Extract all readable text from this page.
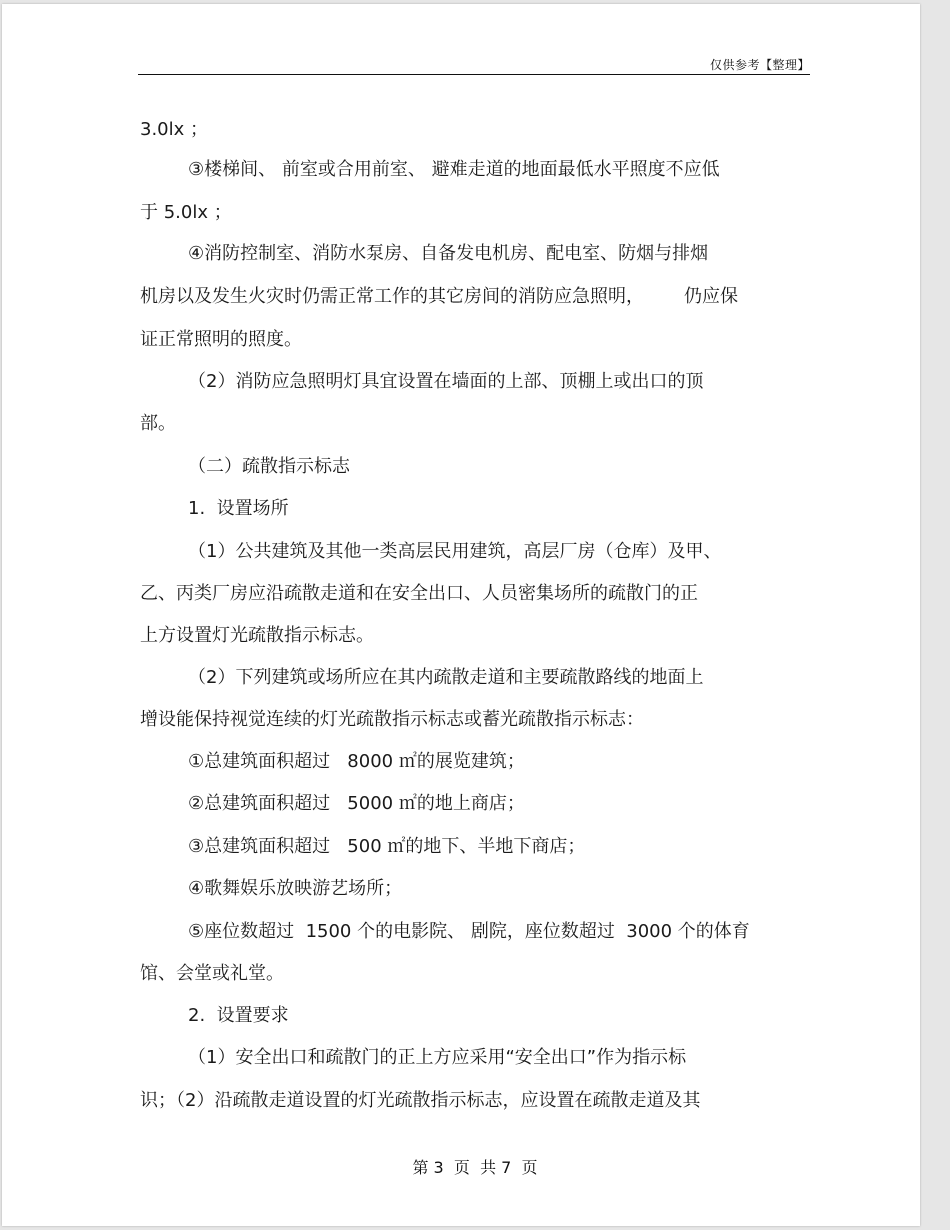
仅供参考【整理】
3.0lx ；
③楼梯间、 前室或合用前室、 避难走道的地面最低水平照度不应低
于 5.0lx ；
④消防控制室、消防水泵房、自备发电机房、配电室、防烟与排烟
机房以及发生火灾时仍需正常工作的其它房间的消防应急照明，       仍应保
证正常照明的照度。
（2）消防应急照明灯具宜设置在墙面的上部、顶棚上或出口的顶
部。
（二）疏散指示标志
1.  设置场所
（1）公共建筑及其他一类高层民用建筑，高层厂房（仓库）及甲、
乙、丙类厂房应沿疏散走道和在安全出口、人员密集场所的疏散门的正
上方设置灯光疏散指示标志。
（2）下列建筑或场所应在其内疏散走道和主要疏散路线的地面上
增设能保持视觉连续的灯光疏散指示标志或蓄光疏散指示标志：
①总建筑面积超过   8000 ㎡的展览建筑；
②总建筑面积超过   5000 ㎡的地上商店；
③总建筑面积超过   500 ㎡的地下、半地下商店；
④歌舞娱乐放映游艺场所；
⑤座位数超过  1500 个的电影院、 剧院，座位数超过  3000 个的体育
馆、会堂或礼堂。
2.  设置要求
（1）安全出口和疏散门的正上方应采用“安全出口”作为指示标
识；（2）沿疏散走道设置的灯光疏散指示标志，应设置在疏散走道及其
第 3  页  共 7  页
